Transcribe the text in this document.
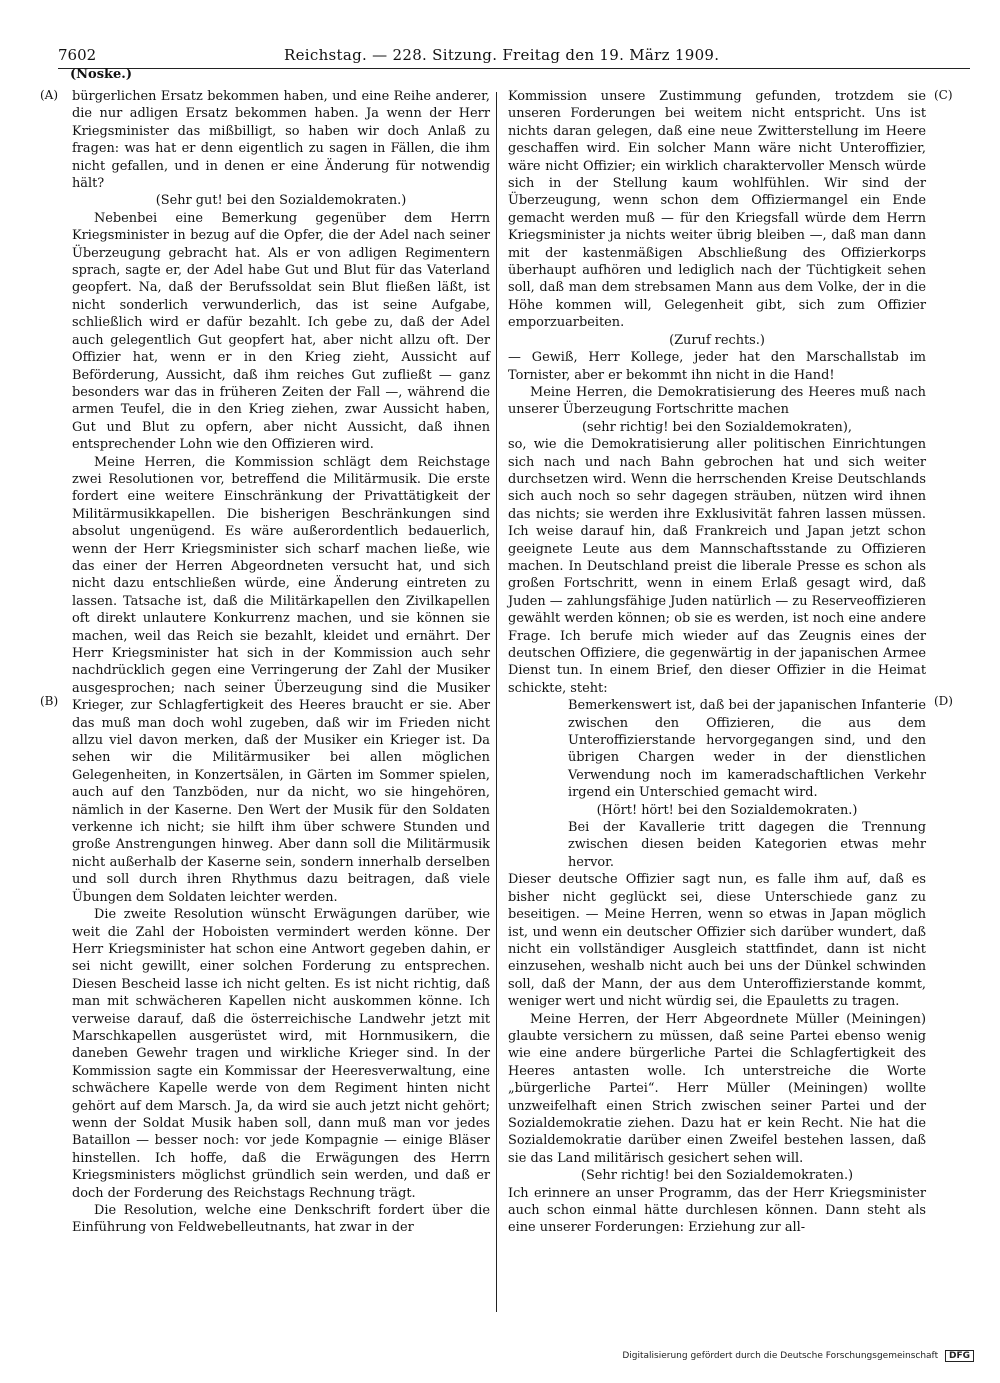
7602	Reichstag. — 228. Sitzung. Freitag den 19. März 1909.
(Noske.)
(A)
(B)
(C)
(D)

bürgerlichen Ersatz bekommen haben, und eine Reihe anderer, die nur adligen Ersatz bekommen haben. Ja wenn der Herr Kriegsminister das mißbilligt, so haben wir doch Anlaß zu fragen: was hat er denn eigentlich zu sagen in Fällen, die ihm nicht gefallen, und in denen er eine Änderung für notwendig hält?

(Sehr gut! bei den Sozialdemokraten.)

Nebenbei eine Bemerkung gegenüber dem Herrn Kriegsminister in bezug auf die Opfer, die der Adel nach seiner Überzeugung gebracht hat. Als er von adligen Regimentern sprach, sagte er, der Adel habe Gut und Blut für das Vaterland geopfert. Na, daß der Berufssoldat sein Blut fließen läßt, ist nicht sonderlich verwunderlich, das ist seine Aufgabe, schließlich wird er dafür bezahlt. Ich gebe zu, daß der Adel auch gelegentlich Gut geopfert hat, aber nicht allzu oft. Der Offizier hat, wenn er in den Krieg zieht, Aussicht auf Beförderung, Aussicht, daß ihm reiches Gut zufließt — ganz besonders war das in früheren Zeiten der Fall —, während die armen Teufel, die in den Krieg ziehen, zwar Aussicht haben, Gut und Blut zu opfern, aber nicht Aussicht, daß ihnen entsprechender Lohn wie den Offizieren wird.

Meine Herren, die Kommission schlägt dem Reichstage zwei Resolutionen vor, betreffend die Militärmusik. Die erste fordert eine weitere Einschränkung der Privattätigkeit der Militärmusikkapellen. Die bisherigen Beschränkungen sind absolut ungenügend. Es wäre außerordentlich bedauerlich, wenn der Herr Kriegsminister sich scharf machen ließe, wie das einer der Herren Abgeordneten versucht hat, und sich nicht dazu entschließen würde, eine Änderung eintreten zu lassen. Tatsache ist, daß die Militärkapellen den Zivilkapellen oft direkt unlautere Konkurrenz machen, und sie können sie machen, weil das Reich sie bezahlt, kleidet und ernährt. Der Herr Kriegsminister hat sich in der Kommission auch sehr nachdrücklich gegen eine Verringerung der Zahl der Musiker ausgesprochen; nach seiner Überzeugung sind die Musiker Krieger, zur Schlagfertigkeit des Heeres braucht er sie. Aber das muß man doch wohl zugeben, daß wir im Frieden nicht allzu viel davon merken, daß der Musiker ein Krieger ist. Da sehen wir die Militärmusiker bei allen möglichen Gelegenheiten, in Konzertsälen, in Gärten im Sommer spielen, auch auf den Tanzböden, nur da nicht, wo sie hingehören, nämlich in der Kaserne. Den Wert der Musik für den Soldaten verkenne ich nicht; sie hilft ihm über schwere Stunden und große Anstrengungen hinweg. Aber dann soll die Militärmusik nicht außerhalb der Kaserne sein, sondern innerhalb derselben und soll durch ihren Rhythmus dazu beitragen, daß viele Übungen dem Soldaten leichter werden.

Die zweite Resolution wünscht Erwägungen darüber, wie weit die Zahl der Hoboisten vermindert werden könne. Der Herr Kriegsminister hat schon eine Antwort gegeben dahin, er sei nicht gewillt, einer solchen Forderung zu entsprechen. Diesen Bescheid lasse ich nicht gelten. Es ist nicht richtig, daß man mit schwächeren Kapellen nicht auskommen könne. Ich verweise darauf, daß die österreichische Landwehr jetzt mit Marschkapellen ausgerüstet wird, mit Hornmusikern, die daneben Gewehr tragen und wirkliche Krieger sind. In der Kommission sagte ein Kommissar der Heeresverwaltung, eine schwächere Kapelle werde von dem Regiment hinten nicht gehört auf dem Marsch. Ja, da wird sie auch jetzt nicht gehört; wenn der Soldat Musik haben soll, dann muß man vor jedes Bataillon — besser noch: vor jede Kompagnie — einige Bläser hinstellen. Ich hoffe, daß die Erwägungen des Herrn Kriegsministers möglichst gründlich sein werden, und daß er doch der Forderung des Reichstags Rechnung trägt.

Die Resolution, welche eine Denkschrift fordert über die Einführung von Feldwebelleutnants, hat zwar in der

Kommission unsere Zustimmung gefunden, trotzdem sie unseren Forderungen bei weitem nicht entspricht. Uns ist nichts daran gelegen, daß eine neue Zwitterstellung im Heere geschaffen wird. Ein solcher Mann wäre nicht Unteroffizier, wäre nicht Offizier; ein wirklich charaktervoller Mensch würde sich in der Stellung kaum wohlfühlen. Wir sind der Überzeugung, wenn schon dem Offiziermangel ein Ende gemacht werden muß — für den Kriegsfall würde dem Herrn Kriegsminister ja nichts weiter übrig bleiben —, daß man dann mit der kastenmäßigen Abschließung des Offizierkorps überhaupt aufhören und lediglich nach der Tüchtigkeit sehen soll, daß man dem strebsamen Mann aus dem Volke, der in die Höhe kommen will, Gelegenheit gibt, sich zum Offizier emporzuarbeiten.

(Zuruf rechts.)

— Gewiß, Herr Kollege, jeder hat den Marschallstab im Tornister, aber er bekommt ihn nicht in die Hand!

Meine Herren, die Demokratisierung des Heeres muß nach unserer Überzeugung Fortschritte machen

(sehr richtig! bei den Sozialdemokraten),

so, wie die Demokratisierung aller politischen Einrichtungen sich nach und nach Bahn gebrochen hat und sich weiter durchsetzen wird. Wenn die herrschenden Kreise Deutschlands sich auch noch so sehr dagegen sträuben, nützen wird ihnen das nichts; sie werden ihre Exklusivität fahren lassen müssen. Ich weise darauf hin, daß Frankreich und Japan jetzt schon geeignete Leute aus dem Mannschaftsstande zu Offizieren machen. In Deutschland preist die liberale Presse es schon als großen Fortschritt, wenn in einem Erlaß gesagt wird, daß Juden — zahlungsfähige Juden natürlich — zu Reserveoffizieren gewählt werden können; ob sie es werden, ist noch eine andere Frage. Ich berufe mich wieder auf das Zeugnis eines der deutschen Offiziere, die gegenwärtig in der japanischen Armee Dienst tun. In einem Brief, den dieser Offizier in die Heimat schickte, steht:

Bemerkenswert ist, daß bei der japanischen Infanterie zwischen den Offizieren, die aus dem Unteroffizierstande hervorgegangen sind, und den übrigen Chargen weder in der dienstlichen Verwendung noch im kameradschaftlichen Verkehr irgend ein Unterschied gemacht wird.

(Hört! hört! bei den Sozialdemokraten.)

Bei der Kavallerie tritt dagegen die Trennung zwischen diesen beiden Kategorien etwas mehr hervor.

Dieser deutsche Offizier sagt nun, es falle ihm auf, daß es bisher nicht geglückt sei, diese Unterschiede ganz zu beseitigen. — Meine Herren, wenn so etwas in Japan möglich ist, und wenn ein deutscher Offizier sich darüber wundert, daß nicht ein vollständiger Ausgleich stattfindet, dann ist nicht einzusehen, weshalb nicht auch bei uns der Dünkel schwinden soll, daß der Mann, der aus dem Unteroffizierstande kommt, weniger wert und nicht würdig sei, die Epauletts zu tragen.

Meine Herren, der Herr Abgeordnete Müller (Meiningen) glaubte versichern zu müssen, daß seine Partei ebenso wenig wie eine andere bürgerliche Partei die Schlagfertigkeit des Heeres antasten wolle. Ich unterstreiche die Worte „bürgerliche Partei“. Herr Müller (Meiningen) wollte unzweifelhaft einen Strich zwischen seiner Partei und der Sozialdemokratie ziehen. Dazu hat er kein Recht. Nie hat die Sozialdemokratie darüber einen Zweifel bestehen lassen, daß sie das Land militärisch gesichert sehen will.

(Sehr richtig! bei den Sozialdemokraten.)

Ich erinnere an unser Programm, das der Herr Kriegsminister auch schon einmal hätte durchlesen können. Dann steht als eine unserer Forderungen: Erziehung zur all-

Digitalisierung gefördert durch die Deutsche Forschungsgemeinschaft DFG
